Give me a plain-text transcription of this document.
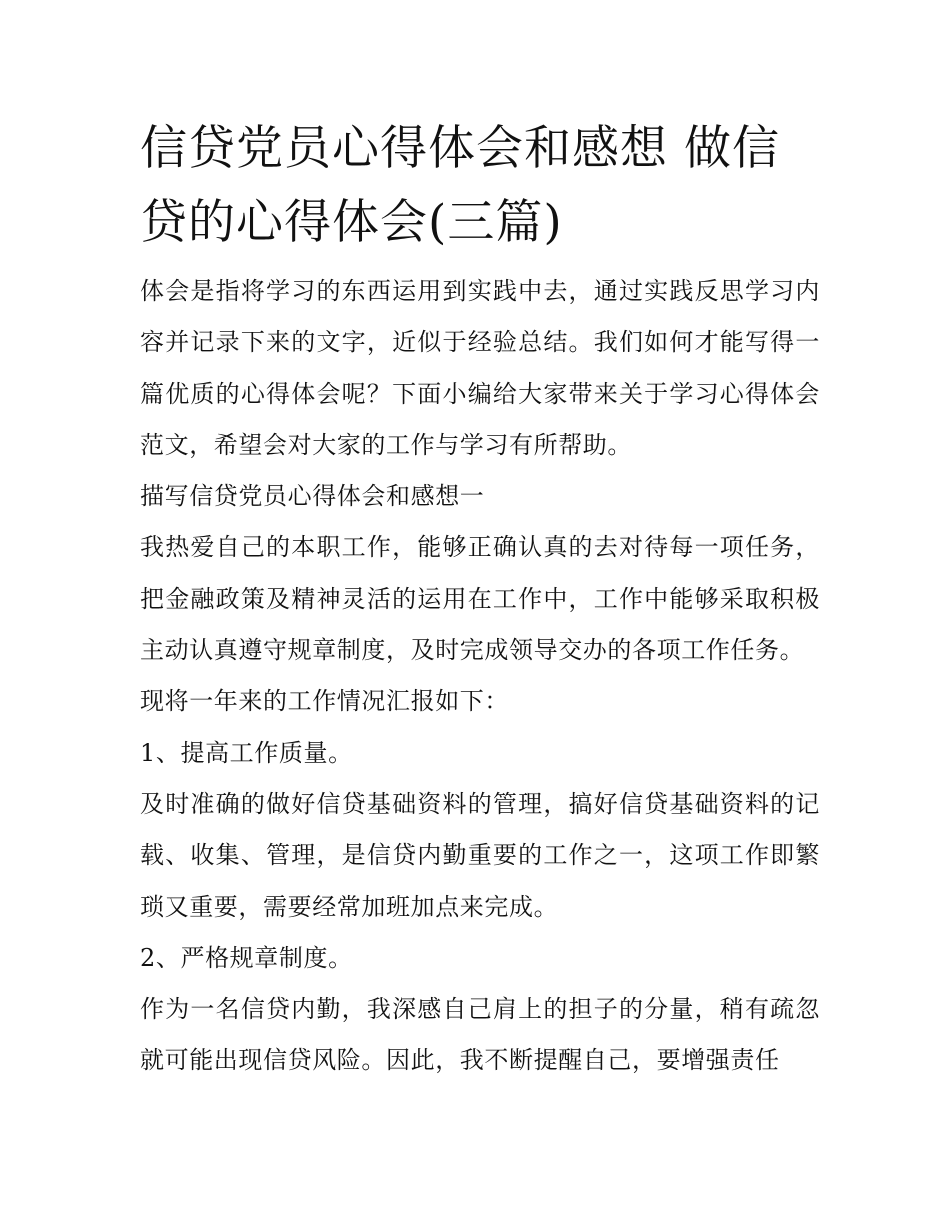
信贷党员心得体会和感想 做信贷的心得体会(三篇)

体会是指将学习的东西运用到实践中去，通过实践反思学习内容并记录下来的文字，近似于经验总结。我们如何才能写得一篇优质的心得体会呢？下面小编给大家带来关于学习心得体会范文，希望会对大家的工作与学习有所帮助。

描写信贷党员心得体会和感想一

我热爱自己的本职工作，能够正确认真的去对待每一项任务，把金融政策及精神灵活的运用在工作中，工作中能够采取积极主动认真遵守规章制度，及时完成领导交办的各项工作任务。

现将一年来的工作情况汇报如下：

1、提高工作质量。

及时准确的做好信贷基础资料的管理，搞好信贷基础资料的记载、收集、管理，是信贷内勤重要的工作之一，这项工作即繁琐又重要，需要经常加班加点来完成。

2、严格规章制度。

作为一名信贷内勤，我深感自己肩上的担子的分量，稍有疏忽就可能出现信贷风险。因此，我不断提醒自己，要增强责任
